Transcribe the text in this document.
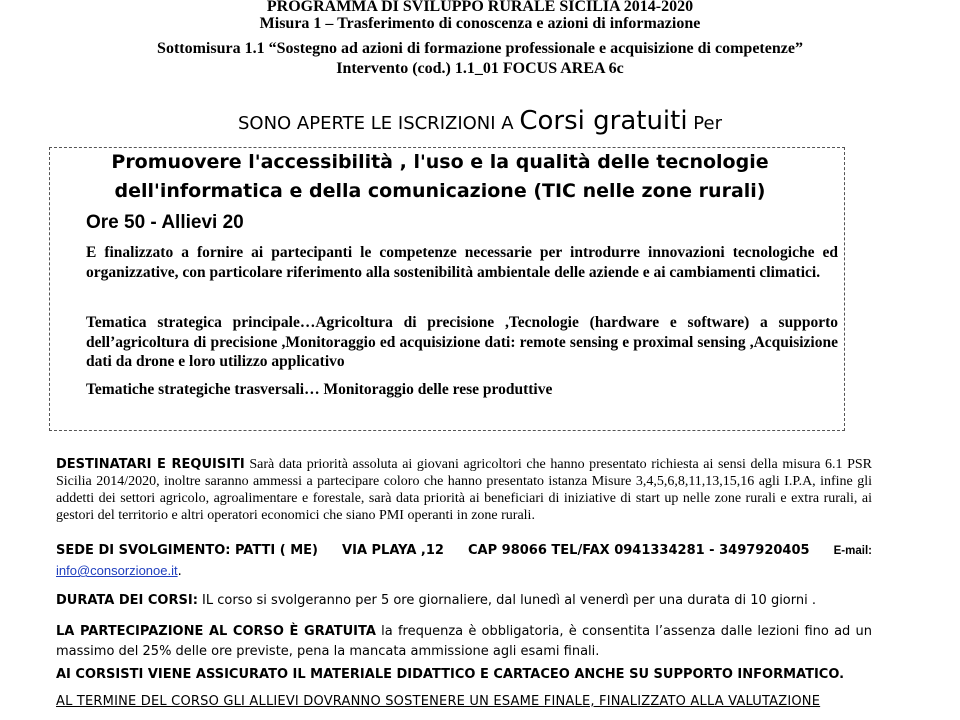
PROGRAMMA DI SVILUPPO RURALE SICILIA 2014-2020

Misura 1 – Trasferimento di conoscenza e azioni di informazione

Sottomisura 1.1 “Sostegno ad azioni di formazione professionale e acquisizione di competenze”

Intervento (cod.) 1.1_01 FOCUS AREA 6c

SONO APERTE LE ISCRIZIONI A Corsi gratuiti Per
Promuovere l'accessibilità , l'uso e la qualità delle tecnologie
dell'informatica e della comunicazione (TIC nelle zone rurali)
Ore 50 - Allievi 20

E finalizzato a fornire ai partecipanti le competenze necessarie per introdurre innovazioni tecnologiche ed organizzative, con particolare riferimento alla sostenibilità ambientale delle aziende e ai cambiamenti climatici.

Tematica strategica principale…Agricoltura di precisione ,Tecnologie (hardware e software) a supporto dell’agricoltura di precisione ,Monitoraggio ed acquisizione dati: remote sensing e proximal sensing ,Acquisizione dati da drone e loro utilizzo applicativo

Tematiche strategiche trasversali… Monitoraggio delle rese produttive

DESTINATARI E REQUISITI Sarà data priorità assoluta ai giovani agricoltori che hanno presentato richiesta ai sensi della misura 6.1 PSR Sicilia 2014/2020, inoltre saranno ammessi a partecipare coloro che hanno presentato istanza Misure 3,4,5,6,8,11,13,15,16 agli I.P.A, infine gli addetti dei settori agricolo, agroalimentare e forestale, sarà data priorità ai beneficiari di iniziative di start up nelle zone rurali e extra rurali, ai gestori del territorio e altri operatori economici che siano PMI operanti in zone rurali.

SEDE DI SVOLGIMENTO: PATTI ( ME) VIA PLAYA ,12 CAP 98066 TEL/FAX 0941334281 - 3497920405 E-mail:
info@consorzionoe.it.

DURATA DEI CORSI: IL corso si svolgeranno per 5 ore giornaliere, dal lunedì al venerdì per una durata di 10 giorni .

LA PARTECIPAZIONE AL CORSO È GRATUITA la frequenza è obbligatoria, è consentita l’assenza dalle lezioni fino ad un massimo del 25% delle ore previste, pena la mancata ammissione agli esami finali.

AI CORSISTI VIENE ASSICURATO IL MATERIALE DIDATTICO E CARTACEO ANCHE SU SUPPORTO INFORMATICO.

AL TERMINE DEL CORSO GLI ALLIEVI DOVRANNO SOSTENERE UN ESAME FINALE, FINALIZZATO ALLA VALUTAZIONE
